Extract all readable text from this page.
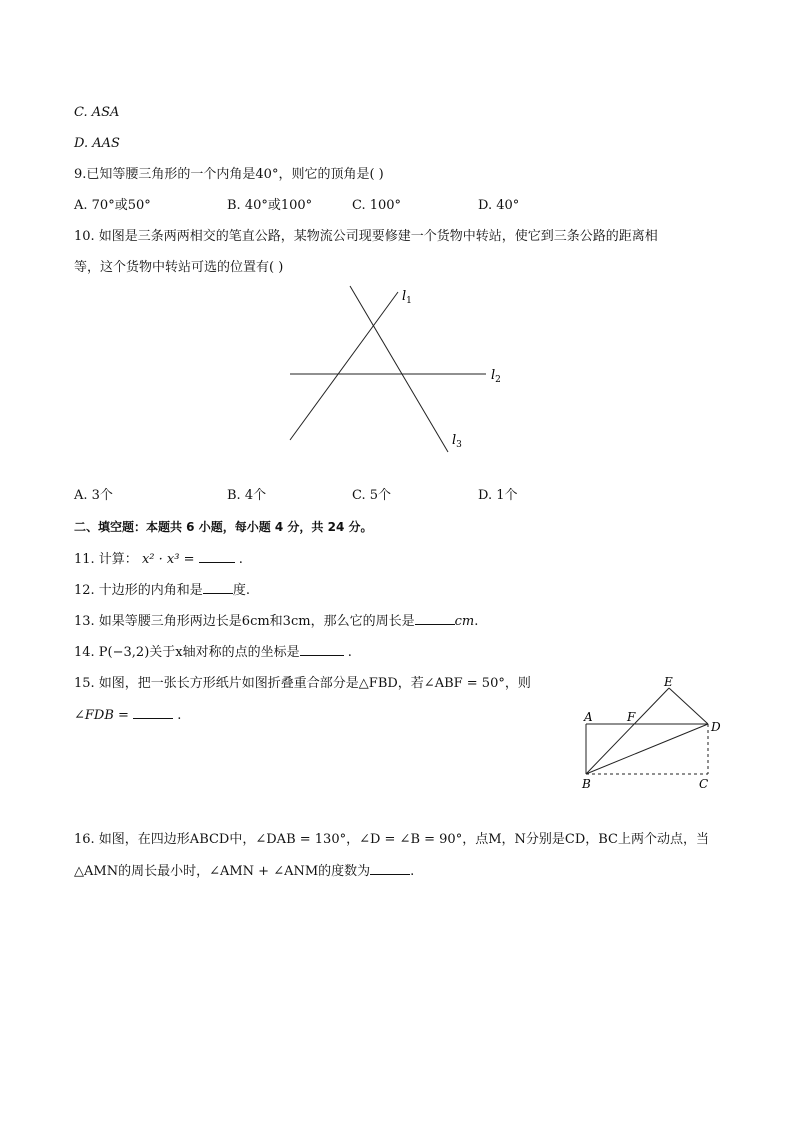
C. ASA
D. AAS
9.已知等腰三角形的一个内角是40°，则它的顶角是( )
A. 70°或50°	B. 40°或100°	C. 100°	D. 40°
10. 如图是三条两两相交的笔直公路，某物流公司现要修建一个货物中转站，使它到三条公路的距离相
等，这个货物中转站可选的位置有( )
$l_1$
$l_2$
$l_3$
A. 3个	B. 4个	C. 5个	D. 1个
二、填空题：本题共 6 小题，每小题 4 分，共 24 分。
11. 计算： x² · x³ =	.
12. 十边形的内角和是 度.
13. 如果等腰三角形两边长是6cm和3cm，那么它的周长是	cm.
14. P(−3,2)关于x轴对称的点的坐标是	.
15. 如图，把一张长方形纸片如图折叠重合部分是△FBD，若∠ABF = 50°，则
∠FDB =	.
E
A	F
D
B	C
16. 如图，在四边形ABCD中，∠DAB = 130°，∠D = ∠B = 90°，点M，N分别是CD，BC上两个动点，当
△AMN的周长最小时，∠AMN + ∠ANM的度数为	.
